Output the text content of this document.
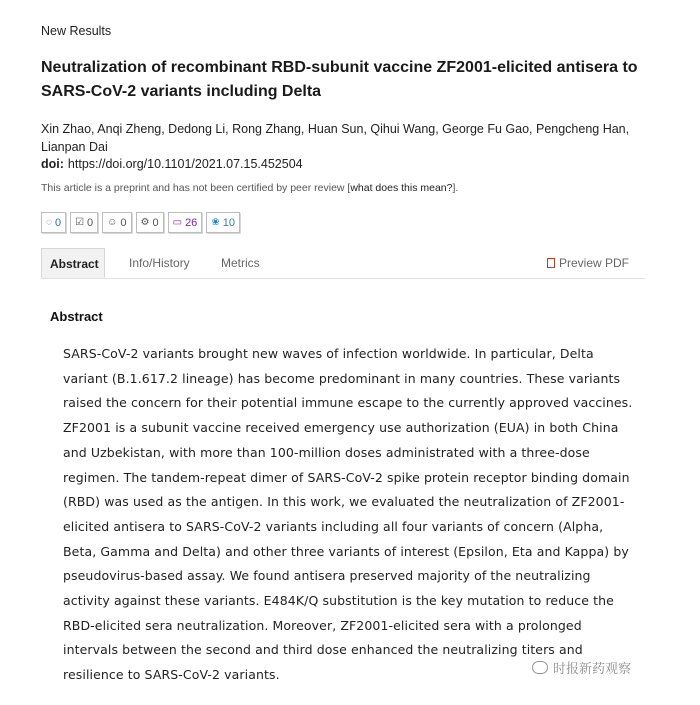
New Results
Neutralization of recombinant RBD-subunit vaccine ZF2001-elicited antisera to SARS-CoV-2 variants including Delta
Xin Zhao, Anqi Zheng, Dedong Li, Rong Zhang, Huan Sun, Qihui Wang, George Fu Gao, Pengcheng Han, Lianpan Dai
doi: https://doi.org/10.1101/2021.07.15.452504
This article is a preprint and has not been certified by peer review [what does this mean?].
◌ 0 ☑ 0 ☺ 0 ⚙ 0 ▭ 26 ❀ 10
Abstract	Info/History	Metrics	Preview PDF
Abstract
SARS-CoV-2 variants brought new waves of infection worldwide. In particular, Delta variant (B.1.617.2 lineage) has become predominant in many countries. These variants raised the concern for their potential immune escape to the currently approved vaccines. ZF2001 is a subunit vaccine received emergency use authorization (EUA) in both China and Uzbekistan, with more than 100-million doses administrated with a three-dose regimen. The tandem-repeat dimer of SARS-CoV-2 spike protein receptor binding domain (RBD) was used as the antigen. In this work, we evaluated the neutralization of ZF2001-elicited antisera to SARS-CoV-2 variants including all four variants of concern (Alpha, Beta, Gamma and Delta) and other three variants of interest (Epsilon, Eta and Kappa) by pseudovirus-based assay. We found antisera preserved majority of the neutralizing activity against these variants. E484K/Q substitution is the key mutation to reduce the RBD-elicited sera neutralization. Moreover, ZF2001-elicited sera with a prolonged intervals between the second and third dose enhanced the neutralizing titers and resilience to SARS-CoV-2 variants.	时报新药观察
